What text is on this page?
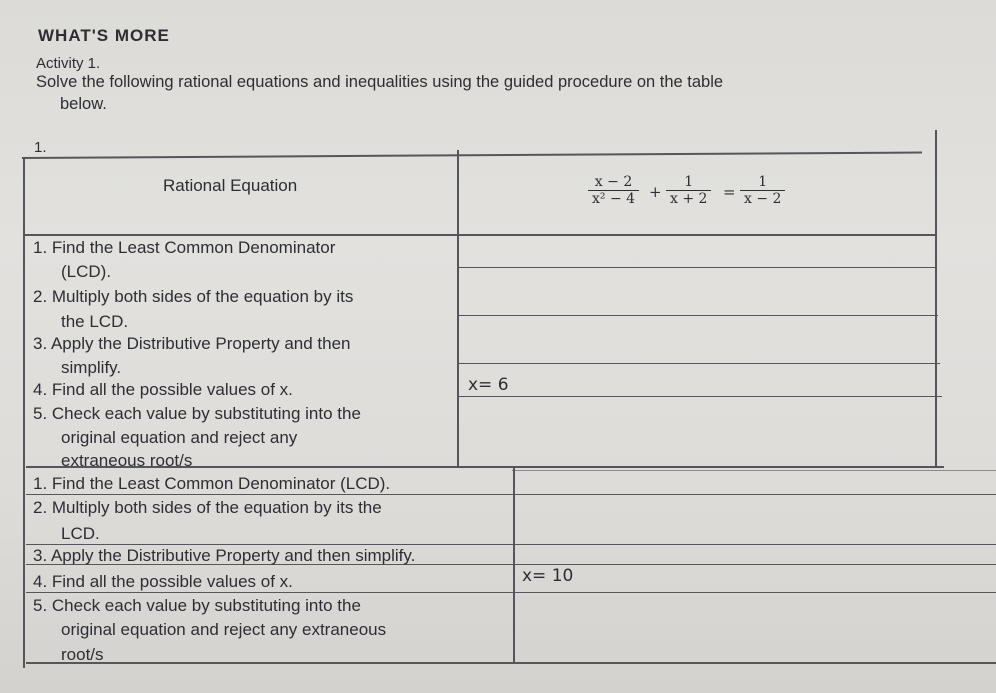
WHAT'S MORE
Activity 1.
Solve the following rational equations and inequalities using the guided procedure on the table
below.
1.
Rational Equation	$\frac{x - 2}{\text{x² − 4}} + \frac{1}{x + 2} = \frac{1}{x - 2}$
1. Find the Least Common Denominator
(LCD).
2. Multiply both sides of the equation by its
the LCD.
3. Apply the Distributive Property and then
simplify.
4. Find all the possible values of x.	x= 6
5. Check each value by substituting into the
original equation and reject any
extraneous root/s
1. Find the Least Common Denominator (LCD).
2. Multiply both sides of the equation by its the
LCD.
3. Apply the Distributive Property and then simplify.
4. Find all the possible values of x.	x= 10
5. Check each value by substituting into the
original equation and reject any extraneous
root/s
